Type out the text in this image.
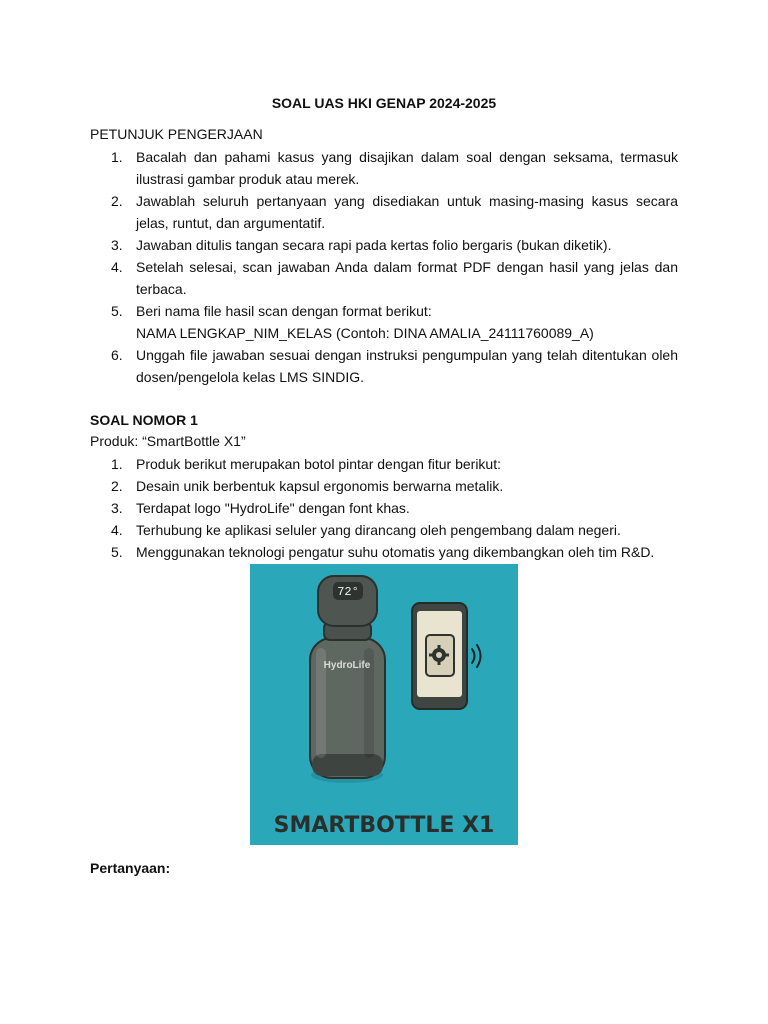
SOAL UAS HKI GENAP 2024-2025
PETUNJUK PENGERJAAN
1. Bacalah dan pahami kasus yang disajikan dalam soal dengan seksama, termasuk ilustrasi gambar produk atau merek.
2. Jawablah seluruh pertanyaan yang disediakan untuk masing-masing kasus secara jelas, runtut, dan argumentatif.
3. Jawaban ditulis tangan secara rapi pada kertas folio bergaris (bukan diketik).
4. Setelah selesai, scan jawaban Anda dalam format PDF dengan hasil yang jelas dan terbaca.
5. Beri nama file hasil scan dengan format berikut:
NAMA LENGKAP_NIM_KELAS (Contoh: DINA AMALIA_24111760089_A)
6. Unggah file jawaban sesuai dengan instruksi pengumpulan yang telah ditentukan oleh dosen/pengelola kelas LMS SINDIG.
SOAL NOMOR 1
Produk: “SmartBottle X1”
1. Produk berikut merupakan botol pintar dengan fitur berikut:
2. Desain unik berbentuk kapsul ergonomis berwarna metalik.
3. Terdapat logo "HydroLife" dengan font khas.
4. Terhubung ke aplikasi seluler yang dirancang oleh pengembang dalam negeri.
5. Menggunakan teknologi pengatur suhu otomatis yang dikembangkan oleh tim R&D.
72°
HydroLife
SMARTBOTTLE X1
Pertanyaan:
